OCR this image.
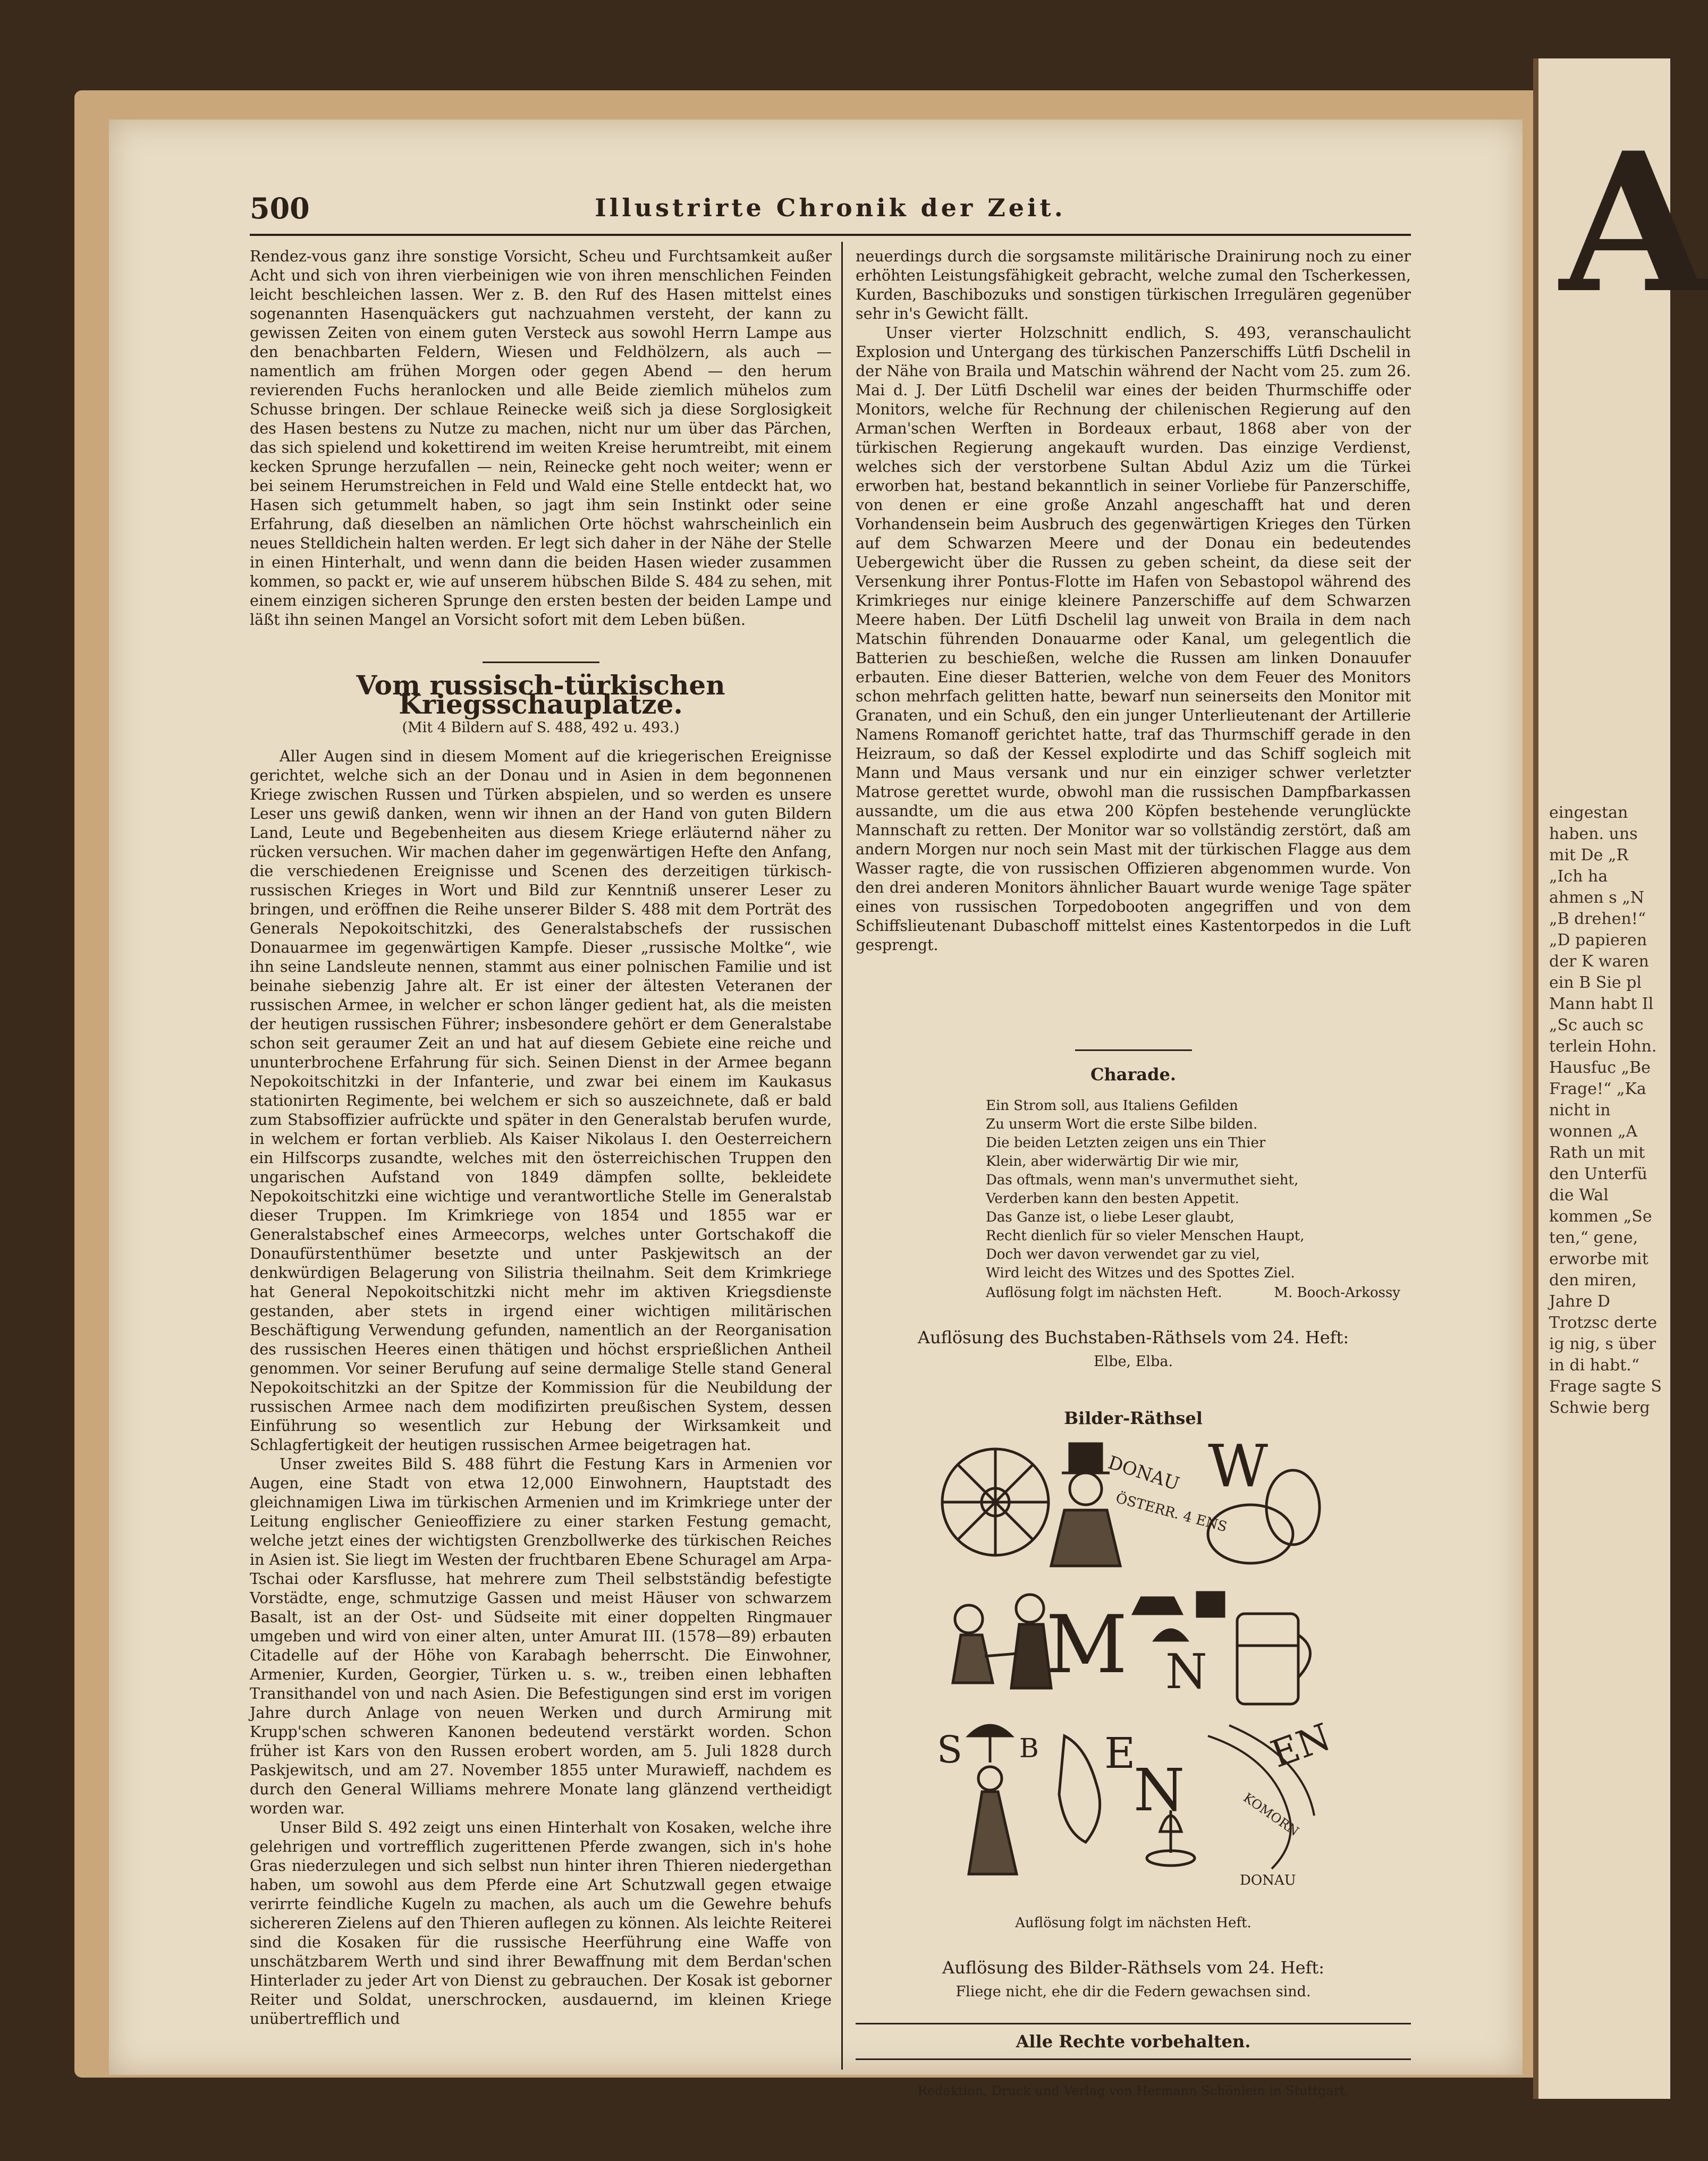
A
eingestan haben. uns mit De „R „Ich ha ahmen s „N „B drehen!“ „D papieren der K waren ein B Sie pl Mann habt Il „Sc auch sc terlein Hohn. Hausfuc „Be Frage!“ „Ka nicht in wonnen „A Rath un mit den Unterfü die Wal kommen „Se ten,“ gene, erworbe mit den miren, Jahre D Trotzsc derte ig nig, s über in di habt.“ Frage sagte S Schwie berg
500	Illustrirte Chronik der Zeit.

Rendez-vous ganz ihre sonstige Vorsicht, Scheu und Furchtsamkeit außer Acht und sich von ihren vierbeinigen wie von ihren menschlichen Feinden leicht beschleichen lassen. Wer z. B. den Ruf des Hasen mittelst eines sogenannten Hasenquäckers gut nachzuahmen versteht, der kann zu gewissen Zeiten von einem guten Versteck aus sowohl Herrn Lampe aus den benachbarten Feldern, Wiesen und Feldhölzern, als auch — namentlich am frühen Morgen oder gegen Abend — den herum revierenden Fuchs heranlocken und alle Beide ziemlich mühelos zum Schusse bringen. Der schlaue Reinecke weiß sich ja diese Sorglosigkeit des Hasen bestens zu Nutze zu machen, nicht nur um über das Pärchen, das sich spielend und kokettirend im weiten Kreise herumtreibt, mit einem kecken Sprunge herzufallen — nein, Reinecke geht noch weiter; wenn er bei seinem Herumstreichen in Feld und Wald eine Stelle entdeckt hat, wo Hasen sich getummelt haben, so jagt ihm sein Instinkt oder seine Erfahrung, daß dieselben an nämlichen Orte höchst wahrscheinlich ein neues Stelldichein halten werden. Er legt sich daher in der Nähe der Stelle in einen Hinterhalt, und wenn dann die beiden Hasen wieder zusammen kommen, so packt er, wie auf unserem hübschen Bilde S. 484 zu sehen, mit einem einzigen sicheren Sprunge den ersten besten der beiden Lampe und läßt ihn seinen Mangel an Vorsicht sofort mit dem Leben büßen.

Vom russisch-türkischen Kriegsschauplatze.
(Mit 4 Bildern auf S. 488, 492 u. 493.)

Aller Augen sind in diesem Moment auf die kriegerischen Ereignisse gerichtet, welche sich an der Donau und in Asien in dem begonnenen Kriege zwischen Russen und Türken abspielen, und so werden es unsere Leser uns gewiß danken, wenn wir ihnen an der Hand von guten Bildern Land, Leute und Begebenheiten aus diesem Kriege erläuternd näher zu rücken versuchen. Wir machen daher im gegenwärtigen Hefte den Anfang, die verschiedenen Ereignisse und Scenen des derzeitigen türkisch-russischen Krieges in Wort und Bild zur Kenntniß unserer Leser zu bringen, und eröffnen die Reihe unserer Bilder S. 488 mit dem Porträt des Generals Nepokoitschitzki, des Generalstabschefs der russischen Donauarmee im gegenwärtigen Kampfe. Dieser „russische Moltke“, wie ihn seine Landsleute nennen, stammt aus einer polnischen Familie und ist beinahe siebenzig Jahre alt. Er ist einer der ältesten Veteranen der russischen Armee, in welcher er schon länger gedient hat, als die meisten der heutigen russischen Führer; insbesondere gehört er dem Generalstabe schon seit geraumer Zeit an und hat auf diesem Gebiete eine reiche und ununterbrochene Erfahrung für sich. Seinen Dienst in der Armee begann Nepokoitschitzki in der Infanterie, und zwar bei einem im Kaukasus stationirten Regimente, bei welchem er sich so auszeichnete, daß er bald zum Stabsoffizier aufrückte und später in den Generalstab berufen wurde, in welchem er fortan verblieb. Als Kaiser Nikolaus I. den Oesterreichern ein Hilfscorps zusandte, welches mit den österreichischen Truppen den ungarischen Aufstand von 1849 dämpfen sollte, bekleidete Nepokoitschitzki eine wichtige und verantwortliche Stelle im Generalstab dieser Truppen. Im Krimkriege von 1854 und 1855 war er Generalstabschef eines Armeecorps, welches unter Gortschakoff die Donaufürstenthümer besetzte und unter Paskjewitsch an der denkwürdigen Belagerung von Silistria theilnahm. Seit dem Krimkriege hat General Nepokoitschitzki nicht mehr im aktiven Kriegsdienste gestanden, aber stets in irgend einer wichtigen militärischen Beschäftigung Verwendung gefunden, namentlich an der Reorganisation des russischen Heeres einen thätigen und höchst ersprießlichen Antheil genommen. Vor seiner Berufung auf seine dermalige Stelle stand General Nepokoitschitzki an der Spitze der Kommission für die Neubildung der russischen Armee nach dem modifizirten preußischen System, dessen Einführung so wesentlich zur Hebung der Wirksamkeit und Schlagfertigkeit der heutigen russischen Armee beigetragen hat.

Unser zweites Bild S. 488 führt die Festung Kars in Armenien vor Augen, eine Stadt von etwa 12,000 Einwohnern, Hauptstadt des gleichnamigen Liwa im türkischen Armenien und im Krimkriege unter der Leitung englischer Genieoffiziere zu einer starken Festung gemacht, welche jetzt eines der wichtigsten Grenzbollwerke des türkischen Reiches in Asien ist. Sie liegt im Westen der fruchtbaren Ebene Schuragel am Arpa-Tschai oder Karsflusse, hat mehrere zum Theil selbstständig befestigte Vorstädte, enge, schmutzige Gassen und meist Häuser von schwarzem Basalt, ist an der Ost- und Südseite mit einer doppelten Ringmauer umgeben und wird von einer alten, unter Amurat III. (1578—89) erbauten Citadelle auf der Höhe von Karabagh beherrscht. Die Einwohner, Armenier, Kurden, Georgier, Türken u. s. w., treiben einen lebhaften Transithandel von und nach Asien. Die Befestigungen sind erst im vorigen Jahre durch Anlage von neuen Werken und durch Armirung mit Krupp'schen schweren Kanonen bedeutend verstärkt worden. Schon früher ist Kars von den Russen erobert worden, am 5. Juli 1828 durch Paskjewitsch, und am 27. November 1855 unter Murawieff, nachdem es durch den General Williams mehrere Monate lang glänzend vertheidigt worden war.

Unser Bild S. 492 zeigt uns einen Hinterhalt von Kosaken, welche ihre gelehrigen und vortrefflich zugerittenen Pferde zwangen, sich in's hohe Gras niederzulegen und sich selbst nun hinter ihren Thieren niedergethan haben, um sowohl aus dem Pferde eine Art Schutzwall gegen etwaige verirrte feindliche Kugeln zu machen, als auch um die Gewehre behufs sichereren Zielens auf den Thieren auflegen zu können. Als leichte Reiterei sind die Kosaken für die russische Heerführung eine Waffe von unschätzbarem Werth und sind ihrer Bewaffnung mit dem Berdan'schen Hinterlader zu jeder Art von Dienst zu gebrauchen. Der Kosak ist geborner Reiter und Soldat, unerschrocken, ausdauernd, im kleinen Kriege unübertrefflich und

neuerdings durch die sorgsamste militärische Drainirung noch zu einer erhöhten Leistungsfähigkeit gebracht, welche zumal den Tscherkessen, Kurden, Baschibozuks und sonstigen türkischen Irregulären gegenüber sehr in's Gewicht fällt.

Unser vierter Holzschnitt endlich, S. 493, veranschaulicht Explosion und Untergang des türkischen Panzerschiffs Lütfi Dschelil in der Nähe von Braila und Matschin während der Nacht vom 25. zum 26. Mai d. J. Der Lütfi Dschelil war eines der beiden Thurmschiffe oder Monitors, welche für Rechnung der chilenischen Regierung auf den Arman'schen Werften in Bordeaux erbaut, 1868 aber von der türkischen Regierung angekauft wurden. Das einzige Verdienst, welches sich der verstorbene Sultan Abdul Aziz um die Türkei erworben hat, bestand bekanntlich in seiner Vorliebe für Panzerschiffe, von denen er eine große Anzahl angeschafft hat und deren Vorhandensein beim Ausbruch des gegenwärtigen Krieges den Türken auf dem Schwarzen Meere und der Donau ein bedeutendes Uebergewicht über die Russen zu geben scheint, da diese seit der Versenkung ihrer Pontus-Flotte im Hafen von Sebastopol während des Krimkrieges nur einige kleinere Panzerschiffe auf dem Schwarzen Meere haben. Der Lütfi Dschelil lag unweit von Braila in dem nach Matschin führenden Donauarme oder Kanal, um gelegentlich die Batterien zu beschießen, welche die Russen am linken Donauufer erbauten. Eine dieser Batterien, welche von dem Feuer des Monitors schon mehrfach gelitten hatte, bewarf nun seinerseits den Monitor mit Granaten, und ein Schuß, den ein junger Unterlieutenant der Artillerie Namens Romanoff gerichtet hatte, traf das Thurmschiff gerade in den Heizraum, so daß der Kessel explodirte und das Schiff sogleich mit Mann und Maus versank und nur ein einziger schwer verletzter Matrose gerettet wurde, obwohl man die russischen Dampfbarkassen aussandte, um die aus etwa 200 Köpfen bestehende verunglückte Mannschaft zu retten. Der Monitor war so vollständig zerstört, daß am andern Morgen nur noch sein Mast mit der türkischen Flagge aus dem Wasser ragte, die von russischen Offizieren abgenommen wurde. Von den drei anderen Monitors ähnlicher Bauart wurde wenige Tage später eines von russischen Torpedobooten angegriffen und von dem Schiffslieutenant Dubaschoff mittelst eines Kastentorpedos in die Luft gesprengt.

Charade.
Ein Strom soll, aus Italiens Gefilden
Zu unserm Wort die erste Silbe bilden.
Die beiden Letzten zeigen uns ein Thier
Klein, aber widerwärtig Dir wie mir,
Das oftmals, wenn man's unvermuthet sieht,
Verderben kann den besten Appetit.
Das Ganze ist, o liebe Leser glaubt,
Recht dienlich für so vieler Menschen Haupt,
Doch wer davon verwendet gar zu viel,
Wird leicht des Witzes und des Spottes Ziel.
Auflösung folgt im nächsten Heft.	M. Booch-Arkossy
Auflösung des Buchstaben-Räthsels vom 24. Heft:
Elbe, Elba.
Bilder-Räthsel
DONAU
ÖSTERR. 4 ENS
W
M N
E
S B
N	KOMORN
DONAU
EN
Auflösung folgt im nächsten Heft.
Auflösung des Bilder-Räthsels vom 24. Heft:
Fliege nicht, ehe dir die Federn gewachsen sind.
Alle Rechte vorbehalten.
Redaktion, Druck und Verlag von Hermann Schönlein in Stuttgart.
